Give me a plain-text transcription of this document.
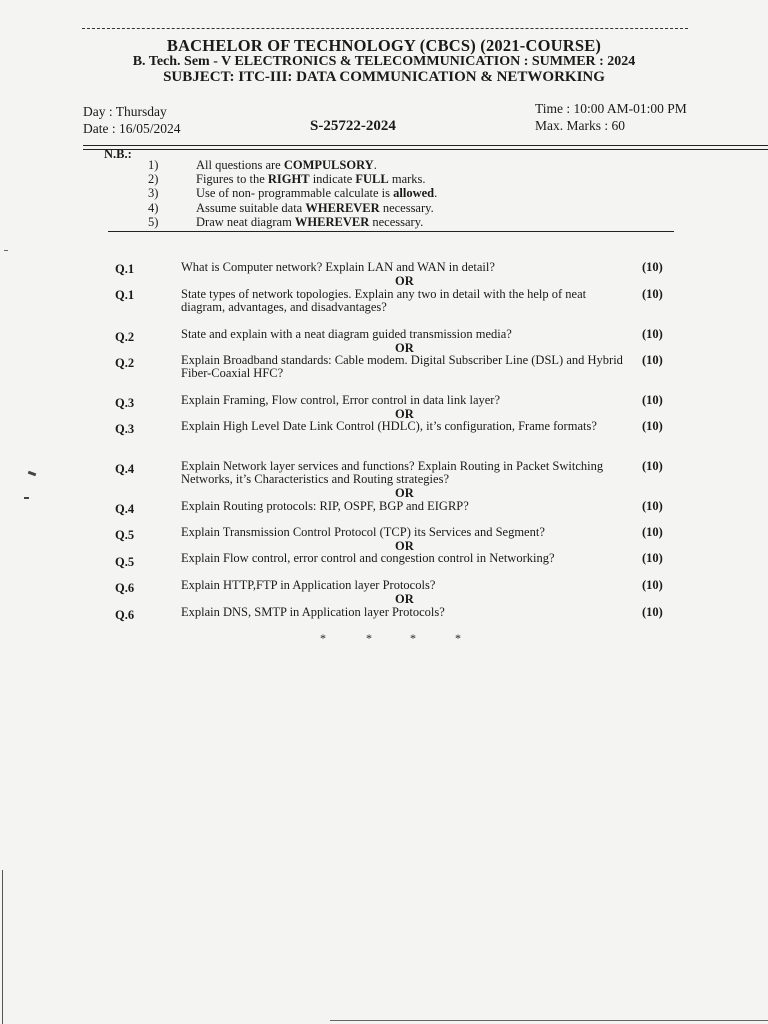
BACHELOR OF TECHNOLOGY (CBCS) (2021-COURSE)
B. Tech. Sem - V ELECTRONICS & TELECOMMUNICATION : SUMMER : 2024
SUBJECT: ITC-III: DATA COMMUNICATION & NETWORKING
Day : Thursday
Date : 16/05/2024	S-25722-2024
Time : 10:00 AM-01:00 PM
Max. Marks : 60
N.B.:
1)	All questions are COMPULSORY.
2)	Figures to the RIGHT indicate FULL marks.
3)	Use of non- programmable calculate is allowed.
4)	Assume suitable data WHEREVER necessary.
5)	Draw neat diagram WHEREVER necessary.
Q.1	What is Computer network? Explain LAN and WAN in detail?	(10)
OR
Q.1	State types of network topologies. Explain any two in detail with the help of neat diagram, advantages, and disadvantages?
(10)
Q.2	State and explain with a neat diagram guided transmission media?	(10)
OR
Q.2	Explain Broadband standards: Cable modem. Digital Subscriber Line (DSL) and Hybrid Fiber-Coaxial HFC?
(10)
Q.3	Explain Framing, Flow control, Error control in data link layer?	(10)
OR
Q.3	Explain High Level Date Link Control (HDLC), it’s configuration, Frame formats?	(10)
Q.4	Explain Network layer services and functions? Explain Routing in Packet Switching Networks, it’s Characteristics and Routing strategies?
(10)
OR
Q.4	Explain Routing protocols: RIP, OSPF, BGP and EIGRP?	(10)
Q.5	Explain Transmission Control Protocol (TCP) its Services and Segment?	(10)
OR
Q.5	Explain Flow control, error control and congestion control in Networking?	(10)
Q.6	Explain HTTP,FTP in Application layer Protocols?	(10)
OR
Q.6	Explain DNS, SMTP in Application layer Protocols?	(10)
*	*	*	*
